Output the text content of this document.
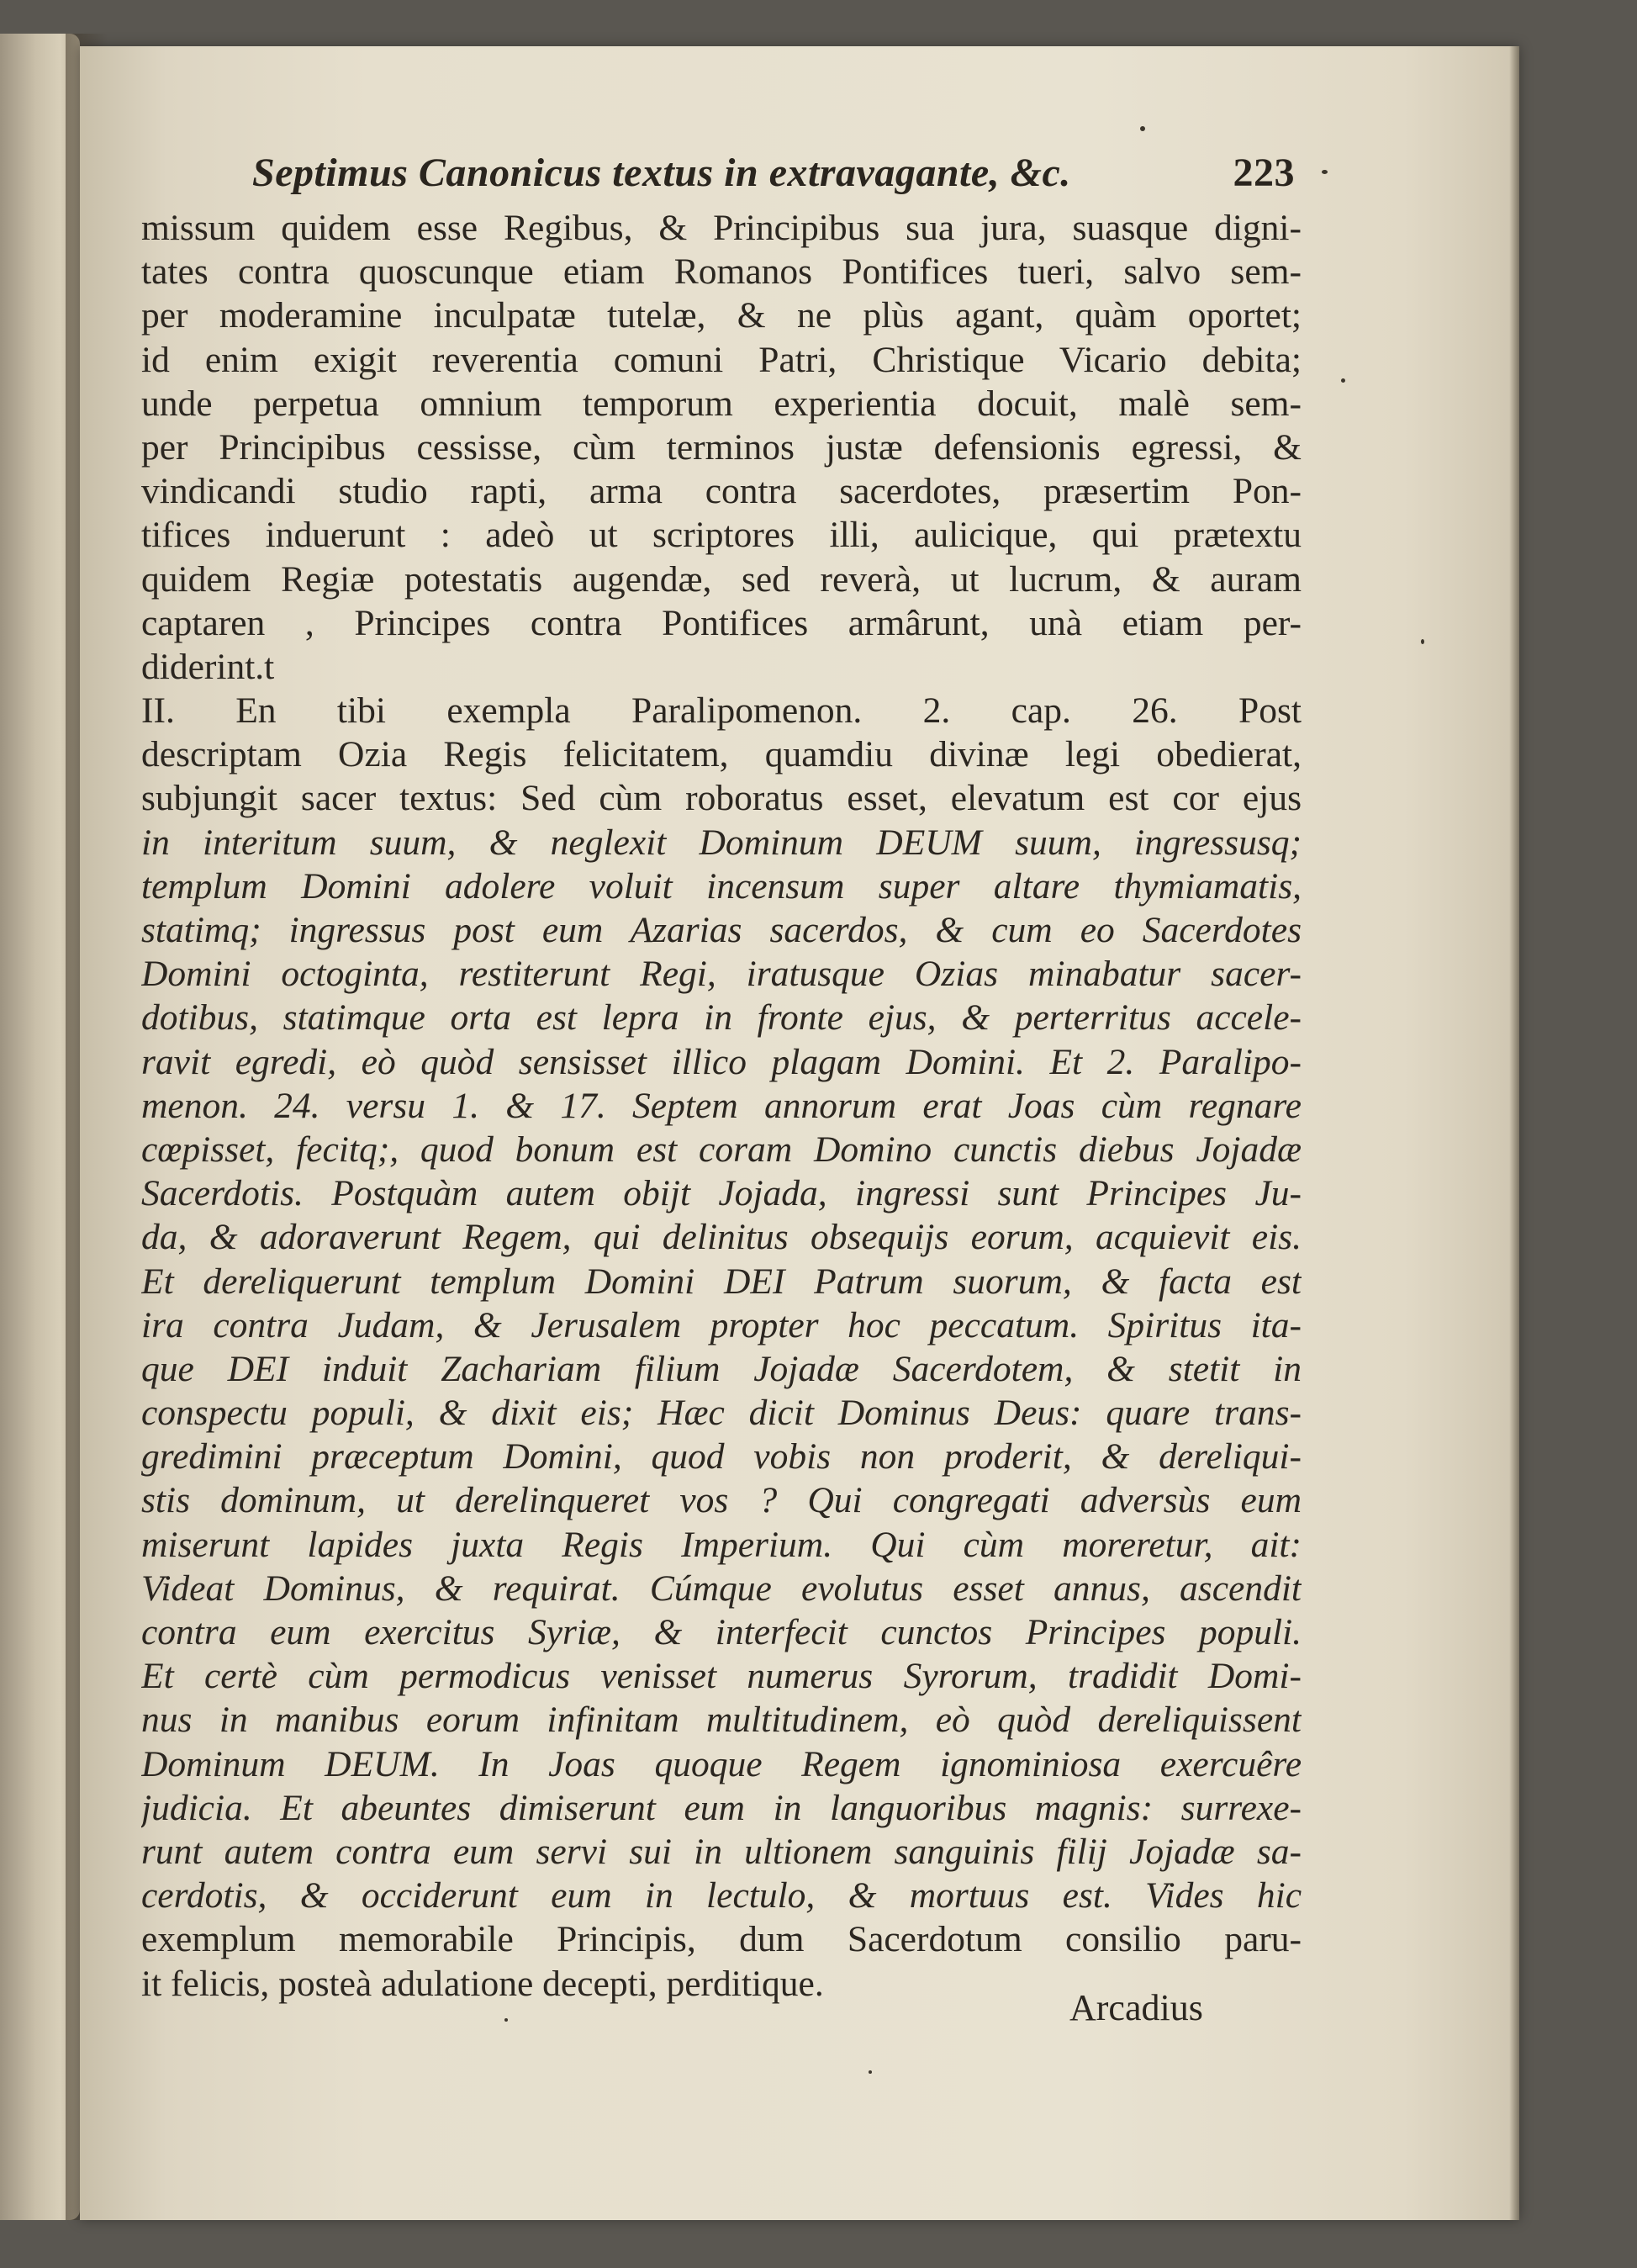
Septimus Canonicus textus in extravagante, &c.	223
missum quidem esse Regibus, & Principibus sua jura, suasque digni-
tates contra quoscunque etiam Romanos Pontifices tueri, salvo sem-
per moderamine inculpatæ tutelæ, & ne plùs agant, quàm oportet;
id enim exigit reverentia comuni Patri, Christique Vicario debita;
unde perpetua omnium temporum experientia docuit, malè sem-
per Principibus cessisse, cùm terminos justæ defensionis egressi, &
vindicandi studio rapti, arma contra sacerdotes, præsertim Pon-
tifices induerunt : adeò ut scriptores illi, aulicique, qui prætextu
quidem Regiæ potestatis augendæ, sed reverà, ut lucrum, & auram
captaren , Principes contra Pontifices armârunt, unà etiam per-
diderint.t
II. En tibi exempla Paralipomenon. 2. cap. 26. Post
descriptam Ozia Regis felicitatem, quamdiu divinæ legi obedierat,
subjungit sacer textus: Sed cùm roboratus esset, elevatum est cor ejus
in interitum suum, & neglexit Dominum DEUM suum, ingressusq;
templum Domini adolere voluit incensum super altare thymiamatis,
statimq; ingressus post eum Azarias sacerdos, & cum eo Sacerdotes
Domini octoginta, restiterunt Regi, iratusque Ozias minabatur sacer-
dotibus, statimque orta est lepra in fronte ejus, & perterritus accele-
ravit egredi, eò quòd sensisset illico plagam Domini. Et 2. Paralipo-
menon. 24. versu 1. & 17. Septem annorum erat Joas cùm regnare
cœpisset, fecitq;, quod bonum est coram Domino cunctis diebus Jojadæ
Sacerdotis. Postquàm autem obijt Jojada, ingressi sunt Principes Ju-
da, & adoraverunt Regem, qui delinitus obsequijs eorum, acquievit eis.
Et dereliquerunt templum Domini DEI Patrum suorum, & facta est
ira contra Judam, & Jerusalem propter hoc peccatum. Spiritus ita-
que DEI induit Zachariam filium Jojadæ Sacerdotem, & stetit in
conspectu populi, & dixit eis; Hæc dicit Dominus Deus: quare trans-
gredimini præceptum Domini, quod vobis non proderit, & dereliqui-
stis dominum, ut derelinqueret vos ? Qui congregati adversùs eum
miserunt lapides juxta Regis Imperium. Qui cùm moreretur, ait:
Videat Dominus, & requirat. Cúmque evolutus esset annus, ascendit
contra eum exercitus Syriæ, & interfecit cunctos Principes populi.
Et certè cùm permodicus venisset numerus Syrorum, tradidit Domi-
nus in manibus eorum infinitam multitudinem, eò quòd dereliquissent
Dominum DEUM. In Joas quoque Regem ignominiosa exercuêre
judicia. Et abeuntes dimiserunt eum in languoribus magnis: surrexe-
runt autem contra eum servi sui in ultionem sanguinis filij Jojadæ sa-
cerdotis, & occiderunt eum in lectulo, & mortuus est. Vides hic
exemplum memorabile Principis, dum Sacerdotum consilio paru-
it felicis, posteà adulatione decepti, perditique.
Arcadius
